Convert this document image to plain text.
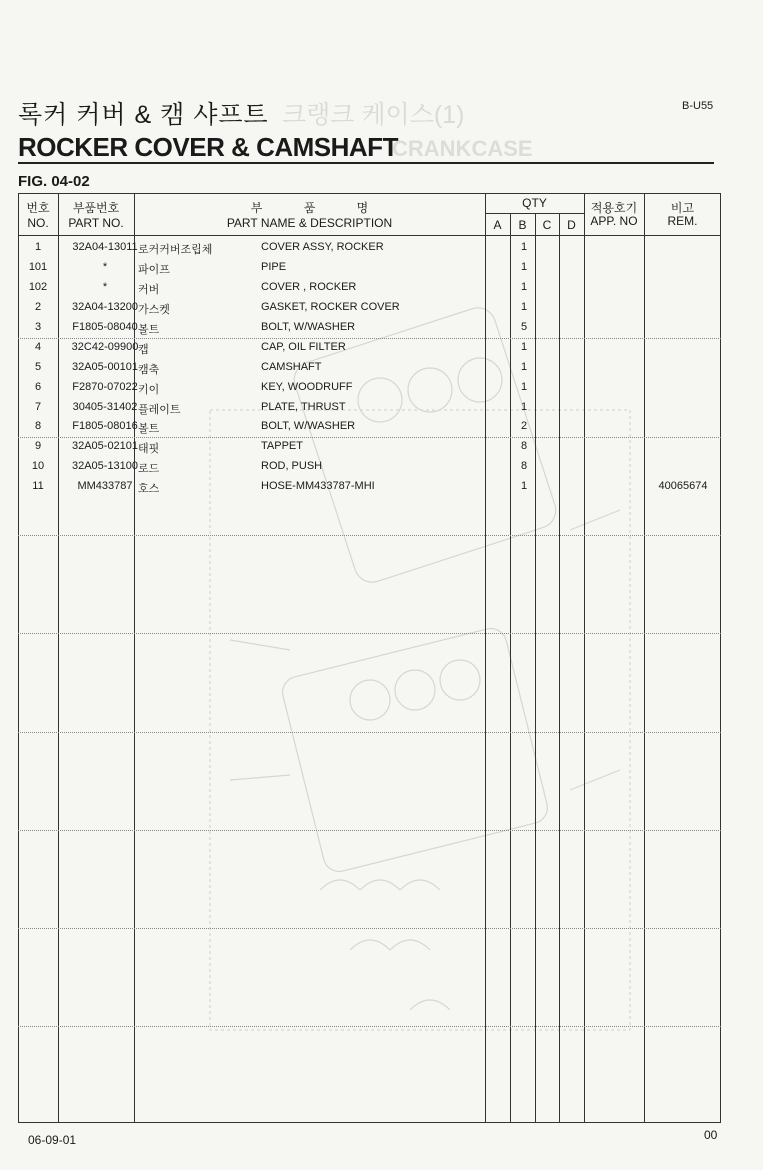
B-U55
크랭크 케이스(1)
CRANKCASE
록커 커버 & 캠 샤프트
ROCKER COVER & CAMSHAFT
FIG. 04-02
번호
NO.
부품번호
PART NO.
부 품 명
PART NAME & DESCRIPTION
QTY
A	B	C	D
적용호기
APP. NO
비고
REM.
1	32A04-13011 로커커버조립체	COVER ASSY, ROCKER	1
101	*	파이프	PIPE	1
102	*	커버	COVER , ROCKER	1
2	32A04-13200 가스켓	GASKET, ROCKER COVER	1
3	F1805-08040 볼트	BOLT, W/WASHER	5
4	32C42-09900 캡	CAP, OIL FILTER	1
5	32A05-00101 캠축	CAMSHAFT	1
6	F2870-07022 키이	KEY, WOODRUFF	1
7	30405-31402 플레이트	PLATE, THRUST	1
8	F1805-08016 볼트	BOLT, W/WASHER	2
9	32A05-02101 태핏	TAPPET	8
10	32A05-13100 로드	ROD, PUSH	8
11	MM433787 호스	HOSE-MM433787-MHI	1	40065674
06-09-01	00
